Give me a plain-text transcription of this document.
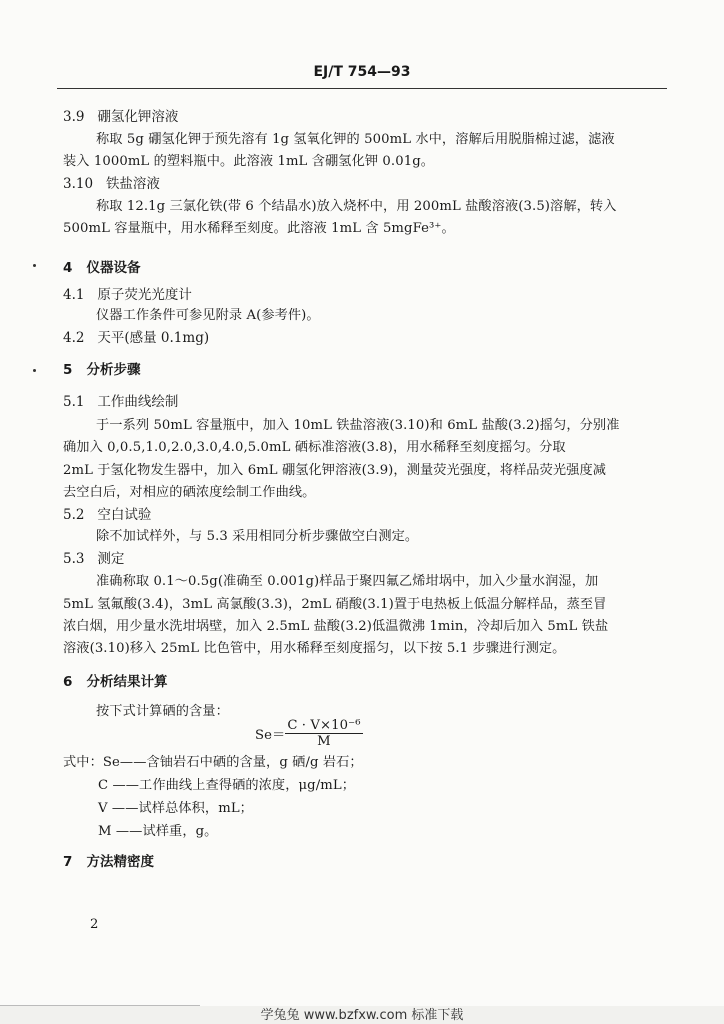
EJ/T 754—93
3.9 硼氢化钾溶液
称取 5g 硼氢化钾于预先溶有 1g 氢氧化钾的 500mL 水中，溶解后用脱脂棉过滤，滤液
装入 1000mL 的塑料瓶中。此溶液 1mL 含硼氢化钾 0.01g。
3.10 铁盐溶液
称取 12.1g 三氯化铁(带 6 个结晶水)放入烧杯中，用 200mL 盐酸溶液(3.5)溶解，转入
500mL 容量瓶中，用水稀释至刻度。此溶液 1mL 含 5mgFe³⁺。
4 仪器设备
4.1 原子荧光光度计
仪器工作条件可参见附录 A(参考件)。
4.2 天平(感量 0.1mg)
5 分析步骤
5.1 工作曲线绘制
于一系列 50mL 容量瓶中，加入 10mL 铁盐溶液(3.10)和 6mL 盐酸(3.2)摇匀，分别准
确加入 0,0.5,1.0,2.0,3.0,4.0,5.0mL 硒标准溶液(3.8)，用水稀释至刻度摇匀。分取
2mL 于氢化物发生器中，加入 6mL 硼氢化钾溶液(3.9)，测量荧光强度，将样品荧光强度减
去空白后，对相应的硒浓度绘制工作曲线。
5.2 空白试验
除不加试样外，与 5.3 采用相同分析步骤做空白测定。
5.3 测定
准确称取 0.1～0.5g(准确至 0.001g)样品于聚四氟乙烯坩埚中，加入少量水润湿，加
5mL 氢氟酸(3.4)，3mL 高氯酸(3.3)，2mL 硝酸(3.1)置于电热板上低温分解样品，蒸至冒
浓白烟，用少量水洗坩埚壁，加入 2.5mL 盐酸(3.2)低温微沸 1min，冷却后加入 5mL 铁盐
溶液(3.10)移入 25mL 比色管中，用水稀释至刻度摇匀，以下按 5.1 步骤进行测定。
6 分析结果计算
按下式计算硒的含量：
$Se= \frac{\text{C · V×10⁻⁶}}{M}$
式中：Se——含铀岩石中硒的含量，g 硒/g 岩石；
C ——工作曲线上查得硒的浓度，μg/mL；
V ——试样总体积，mL；
M ——试样重，g。
7 方法精密度
2
学兔兔 www.bzfxw.com 标准下载
